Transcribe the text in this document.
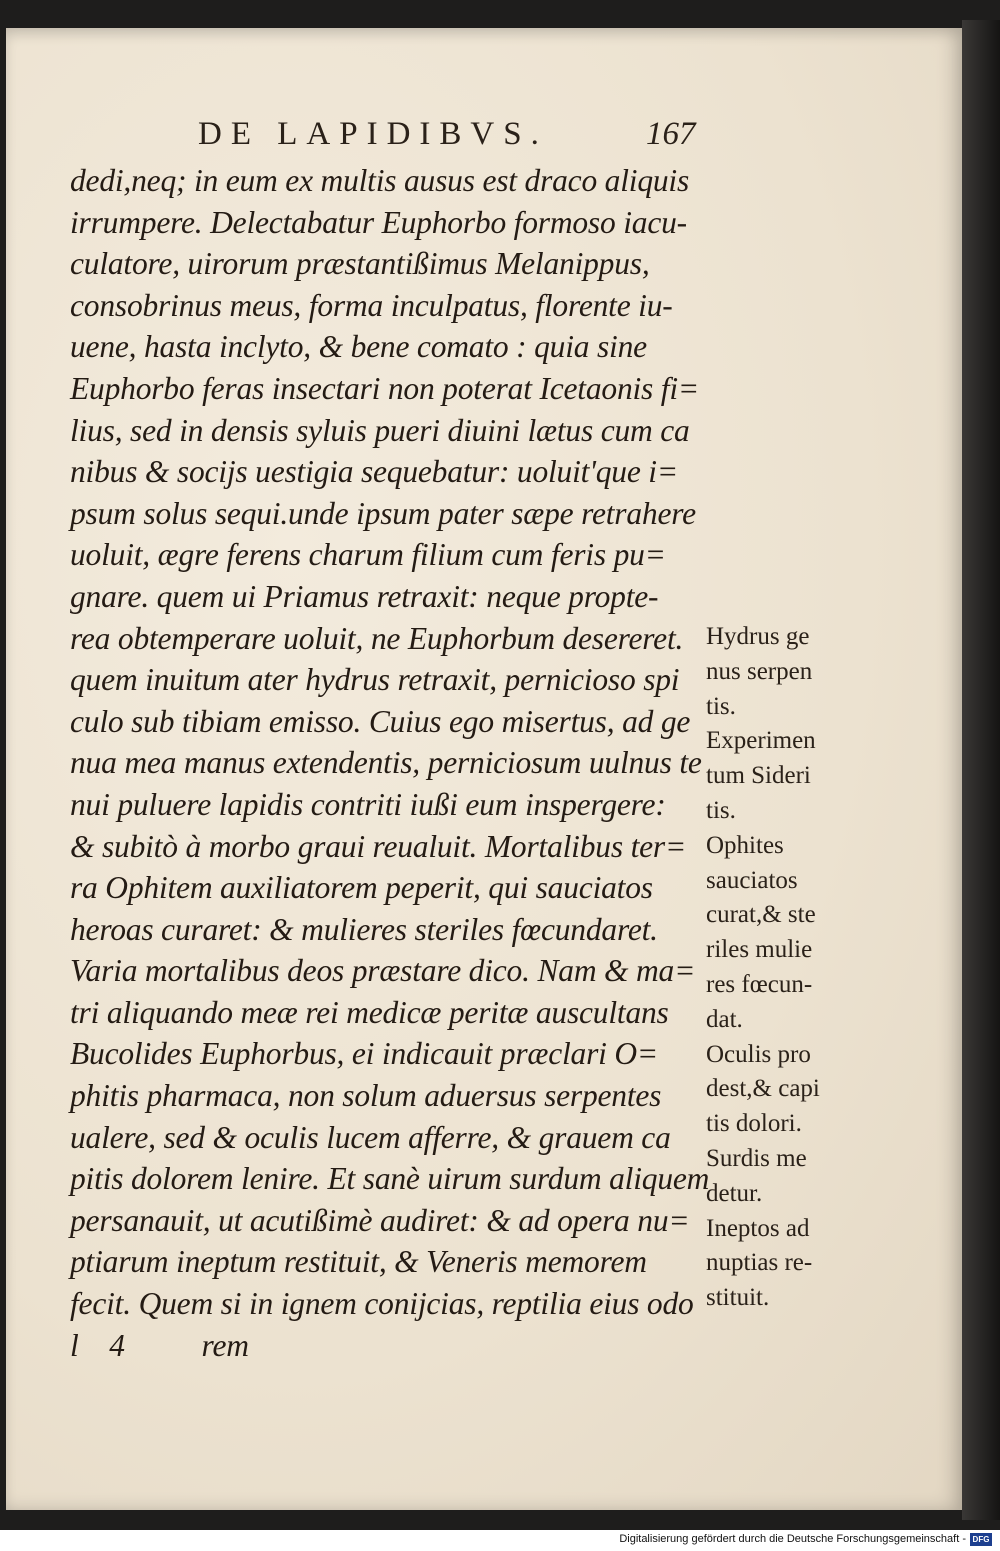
DE LAPIDIBVS.	167
dedi,neq; in eum ex multis ausus est draco aliquis
irrumpere. Delectabatur Euphorbo formoso iacu-
culatore, uirorum præstantißimus Melanippus,
consobrinus meus, forma inculpatus, florente iu-
uene, hasta inclyto, & bene comato : quia sine
Euphorbo feras insectari non poterat Icetaonis fi=
lius, sed in densis syluis pueri diuini lætus cum ca
nibus & socijs uestigia sequebatur: uoluit'que i=
psum solus sequi.unde ipsum pater sæpe retrahere
uoluit, ægre ferens charum filium cum feris pu=
gnare. quem ui Priamus retraxit: neque propte-
rea obtemperare uoluit, ne Euphorbum desereret.
quem inuitum ater hydrus retraxit, pernicioso spi
culo sub tibiam emisso. Cuius ego misertus, ad ge
nua mea manus extendentis, perniciosum uulnus te
nui puluere lapidis contriti iußi eum inspergere:
& subitò à morbo graui reualuit. Mortalibus ter=
ra Ophitem auxiliatorem peperit, qui sauciatos
heroas curaret: & mulieres steriles fœcundaret.
Varia mortalibus deos præstare dico. Nam & ma=
tri aliquando meæ rei medicæ peritæ auscultans
Bucolides Euphorbus, ei indicauit præclari O=
phitis pharmaca, non solum aduersus serpentes
ualere, sed & oculis lucem afferre, & grauem ca
pitis dolorem lenire. Et sanè uirum surdum aliquem
persanauit, ut acutißimè audiret: & ad opera nu=
ptiarum ineptum restituit, & Veneris memorem
fecit. Quem si in ignem conijcias, reptilia eius odo
l    4          rem
Hydrus ge
nus serpen
tis.
Experimen
tum Sideri
tis.
Ophites
sauciatos
curat,& ste
riles mulie
res fœcun-
dat.
Oculis pro
dest,& capi
tis dolori.
Surdis me
detur.
Ineptos ad
nuptias re-
stituit.
Digitalisierung gefördert durch die Deutsche Forschungsgemeinschaft - DFG
